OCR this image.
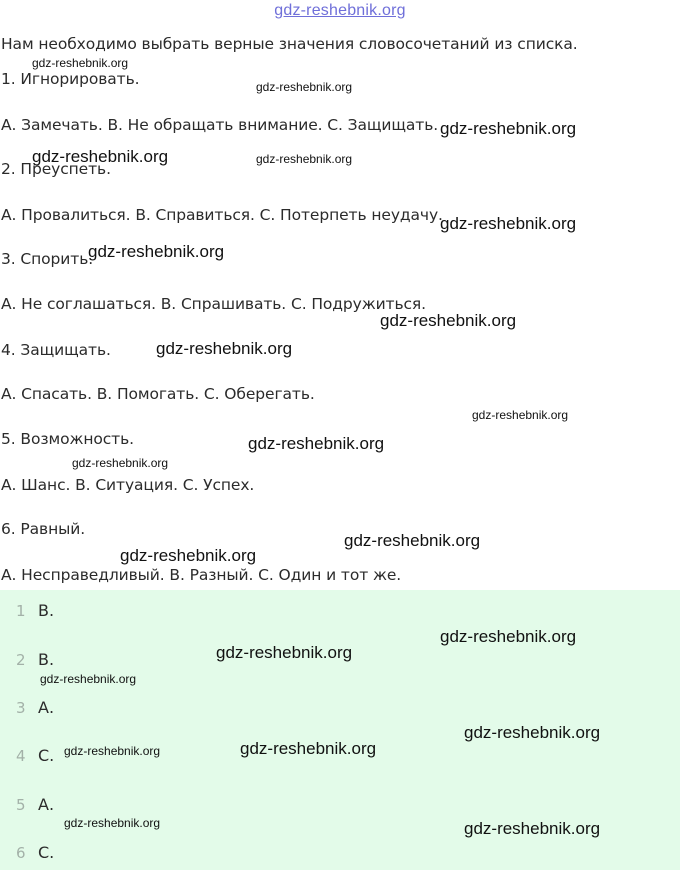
gdz-reshebnik.org
Нам необходимо выбрать верные значения словосочетаний из списка.
1. Игнорировать.
А. Замечать. В. Не обращать внимание. С. Защищать.
2. Преуспеть.
А. Провалиться. В. Справиться. С. Потерпеть неудачу.
3. Спорить.
А. Не соглашаться. В. Спрашивать. С. Подружиться.
4. Защищать.
А. Спасать. В. Помогать. С. Оберегать.
5. Возможность.
А. Шанс. В. Ситуация. С. Успех.
6. Равный.
А. Несправедливый. В. Разный. С. Один и тот же.
1 В.
2 В.
3 А.
4 С.
5 А.
6 С.
gdz-reshebnik.org
gdz-reshebnik.org
gdz-reshebnik.org
gdz-reshebnik.org	gdz-reshebnik.org
gdz-reshebnik.org
gdz-reshebnik.org
gdz-reshebnik.org
gdz-reshebnik.org
gdz-reshebnik.org
gdz-reshebnik.org
gdz-reshebnik.org
gdz-reshebnik.org
gdz-reshebnik.org
gdz-reshebnik.org
gdz-reshebnik.org
gdz-reshebnik.org
gdz-reshebnik.org
gdz-reshebnik.org	gdz-reshebnik.org
gdz-reshebnik.org	gdz-reshebnik.org
